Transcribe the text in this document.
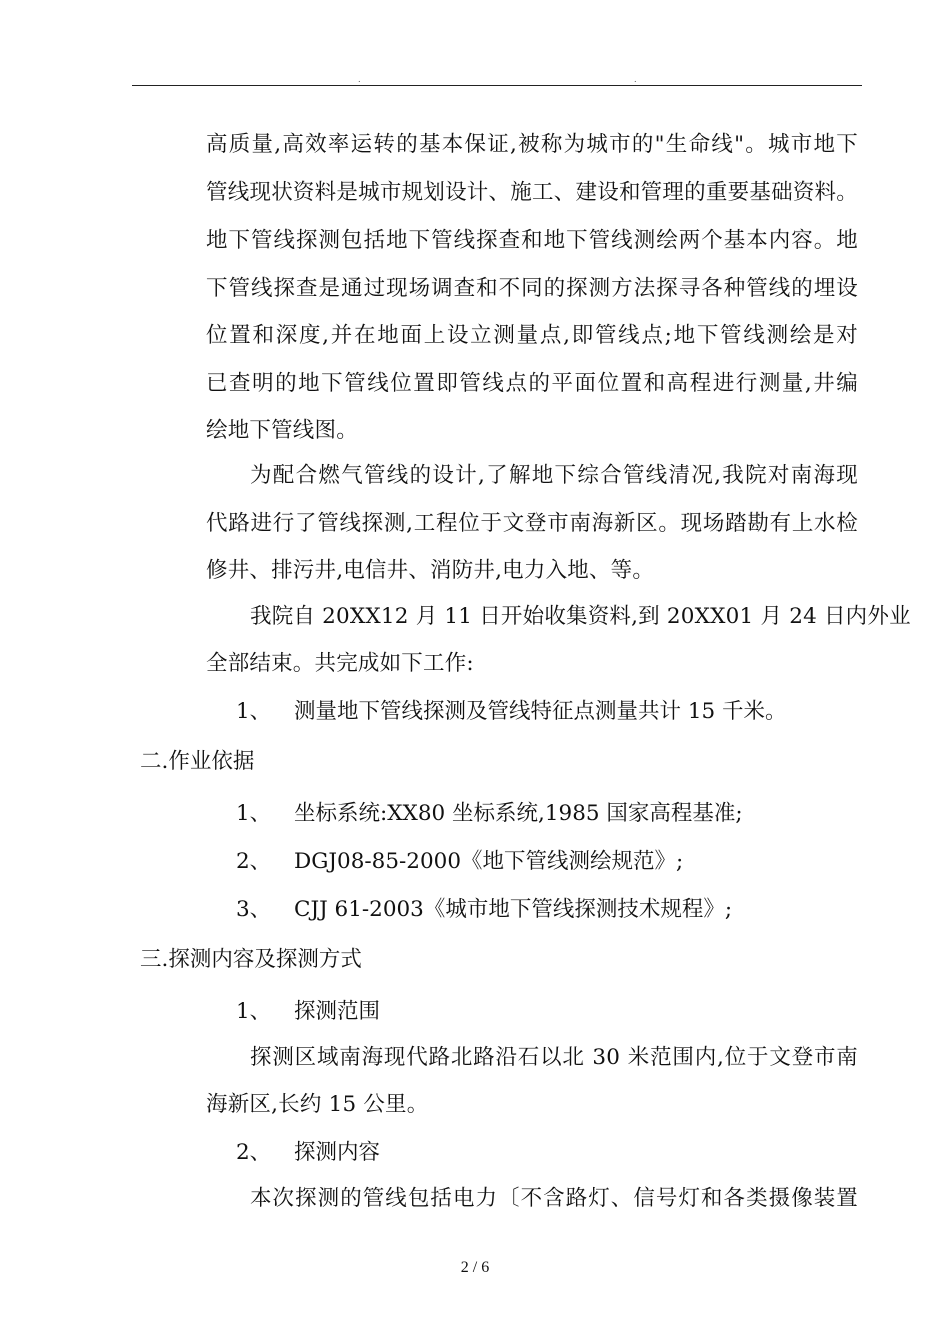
.	.
高质量,高效率运转的基本保证,被称为城市的"生命线"。城市地下
管线现状资料是城市规划设计、施工、建设和管理的重要基础资料。
地下管线探测包括地下管线探查和地下管线测绘两个基本内容。地
下管线探查是通过现场调查和不同的探测方法探寻各种管线的埋设
位置和深度,并在地面上设立测量点,即管线点;地下管线测绘是对
已查明的地下管线位置即管线点的平面位置和高程进行测量,井编
绘地下管线图。
为配合燃气管线的设计,了解地下综合管线清况,我院对南海现
代路进行了管线探测,工程位于文登市南海新区。现场踏勘有上水检
修井、排污井,电信井、消防井,电力入地、等。
我院自 20XX12 月 11 日开始收集资料,到 20XX01 月 24 日内外业
全部结束。共完成如下工作:
1、 测量地下管线探测及管线特征点测量共计 15 千米。
二.作业依据
1、 坐标系统:XX80 坐标系统,1985 国家高程基准;
2、 DGJ08-85-2000《地下管线测绘规范》;
3、 CJJ 61-2003《城市地下管线探测技术规程》;
三.探测内容及探测方式
1、 探测范围
探测区域南海现代路北路沿石以北 30 米范围内,位于文登市南
海新区,长约 15 公里。
2、 探测内容
本次探测的管线包括电力〔不含路灯、信号灯和各类摄像装置
2 / 6
